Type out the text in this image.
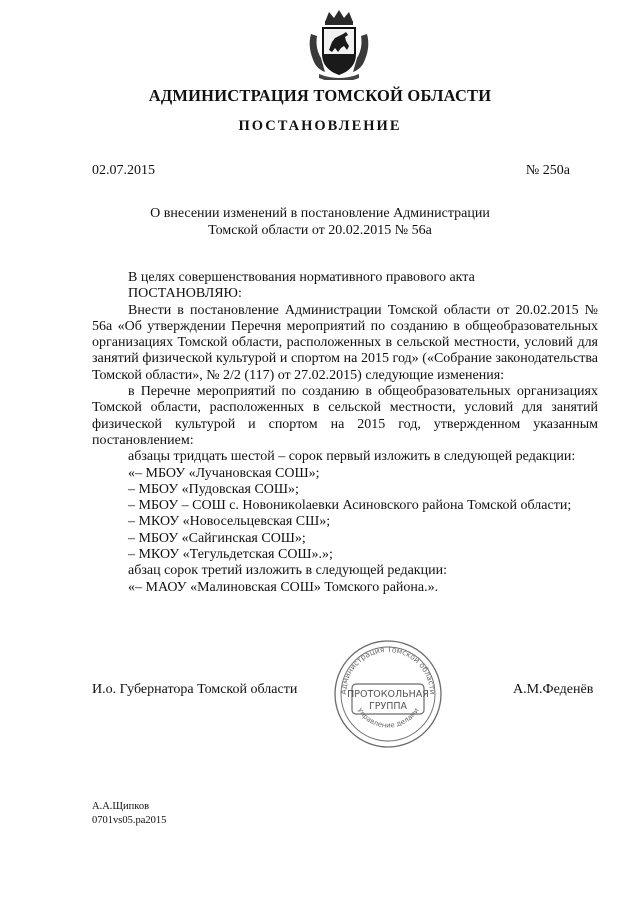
АДМИНИСТРАЦИЯ ТОМСКОЙ ОБЛАСТИ
ПОСТАНОВЛЕНИЕ
02.07.2015	№ 250а
О внесении изменений в постановление Администрации
Томской области от 20.02.2015 № 56а

В целях совершенствования нормативного правового акта

ПОСТАНОВЛЯЮ:

Внести в постановление Администрации Томской области от 20.02.2015 № 56а «Об утверждении Перечня мероприятий по созданию в общеобразовательных организациях Томской области, расположенных в сельской местности, условий для занятий физической культурой и спортом на 2015 год» («Собрание законодательства Томской области», № 2/2 (117) от 27.02.2015) следующие изменения:

в Перечне мероприятий по созданию в общеобразовательных организациях Томской области, расположенных в сельской местности, условий для занятий физической культурой и спортом на 2015 год, утвержденном указанным постановлением:

абзацы тридцать шестой – сорок первый изложить в следующей редакции:

«– МБОУ «Лучановская СОШ»;

– МБОУ «Пудовская СОШ»;

– МБОУ – СОШ с. Новоникolaевки Асиновского района Томской области;

– МКОУ «Новосельцевская СШ»;

– МБОУ «Сайгинская СОШ»;

– МКОУ «Тегульдетская СОШ».»;

абзац сорок третий изложить в следующей редакции:

«– МАОУ «Малиновская СОШ» Томского района.».

И.о. Губернатора Томской области	А.М.Феденёв
Администрация Томской области
Управление делами
ПРОТОКОЛЬНАЯ
ГРУППА
А.А.Щипков
0701vs05.pa2015
